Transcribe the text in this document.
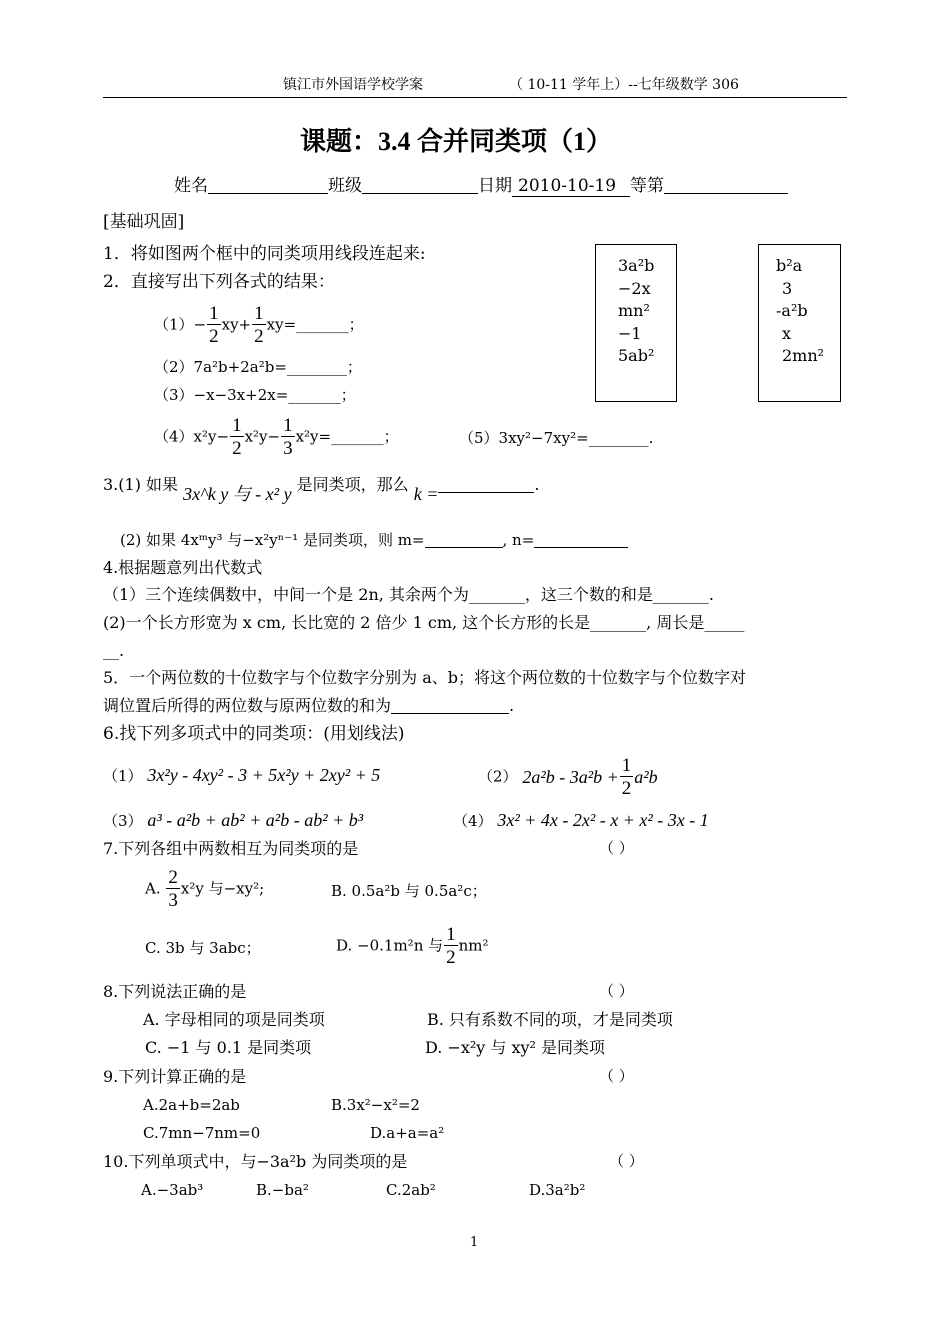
镇江市外国语学校学案	（ 10-11 学年上）--七年级数学 306
课题：3.4 合并同类项（1）
姓名	班级	日期 2010-10-19 等第
[基础巩固]
1．将如图两个框中的同类项用线段连起来:
3a²b
−2x
mn²
−1
5ab²
b²a
3
-a²b
x
2mn²
2．直接写出下列各式的结果：
$(1)- \frac{1}{2} xy+ \frac{1}{2}$ xy=_______；
（2）7a²b+2a²b=________；
（3）−x−3x+2x=_______；
$(4)x^2y- \frac{1}{2} x^2y- \frac{1}{3}$ x²y=_______；	（5）3xy²−7xy²=________.
3.(1) 如果 3x^k y 与 - x² y 是同类项，那么 k =	.
(2) 如果 4xᵐy³ 与−x²yⁿ⁻¹ 是同类项，则 m=	, n=
4.根据题意列出代数式
（1）三个连续偶数中，中间一个是 2n, 其余两个为_______，这三个数的和是_______.
(2)一个长方形宽为 x cm, 长比宽的 2 倍少 1 cm, 这个长方形的长是_______, 周长是_____
__.
5．一个两位数的十位数字与个位数字分别为 a、b；将这个两位数的十位数字与个位数字对
调位置后所得的两位数与原两位数的和为	.
6.找下列多项式中的同类项：(用划线法)
（1） 3x²y - 4xy² - 3 + 5x²y + 2xy² + 5	（2） $2a^2b - 3a^2b + \frac{1}{2} a^2b$
（3） a³ - a²b + ab² + a²b - ab² + b³	（4） 3x² + 4x - 2x² - x + x² - 3x - 1
7.下列各组中两数相互为同类项的是	（ ）
A. $\frac{2}{3} x^2y$ 与−xy²;	B. 0.5a²b 与 0.5a²c；
C. 3b 与 3abc；	D. −0.1m²n 与 $\frac{1}{2} nm^2$
8.下列说法正确的是	（ ）
A. 字母相同的项是同类项	B. 只有系数不同的项，才是同类项
C. −1 与 0.1 是同类项	D. −x²y 与 xy² 是同类项
9.下列计算正确的是	（ ）
A.2a+b=2ab	B.3x²−x²=2
C.7mn−7nm=0	D.a+a=a²
10.下列单项式中，与−3a²b 为同类项的是	（ ）
A.−3ab³	B.−ba²	C.2ab²	D.3a²b²
1
